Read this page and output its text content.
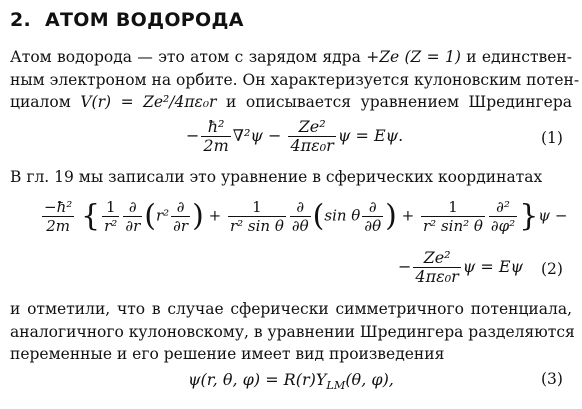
2. АТОМ ВОДОРОДА
Атом водорода — это атом с зарядом ядра +Ze (Z = 1) и единствен-
ным электроном на орбите. Он характеризуется кулоновским потен-
циалом V(r) = Ze²/4πε₀r и описывается уравнением Шредингера
− $\frac{\text{ħ²}}{2m} \nabla^2\psi - \frac{\text{Ze²}}{\text{4πε₀r}}$ ψ = Eψ.	(1)
В гл. 19 мы записали это уравнение в сферических координатах
$\frac{\text{−ħ²}}{2m}$ { $\frac{1}{\text{r²}} \frac{\partial}{\partial r} (r^2 \frac{\partial}{\partial r}$ ) + $\frac{1}{\text{r² sin θ}} \frac{\partial}{\partial\theta} (\sin$ θ $\frac{\partial}{\partial\theta}$ ) + $\frac{1}{\text{r² sin² θ}} \frac{\text{∂²}}{\text{∂φ²}} \}\psi$ −
− $\frac{\text{Ze²}}{\text{4πε₀r}}$ ψ = Eψ (2)
и отметили, что в случае сферически симметричного потенциала,
аналогичного кулоновскому, в уравнении Шредингера разделяются
переменные и его решение имеет вид произведения
ψ(r, θ, $\varphi) = R(r)Y_{LM}(\theta$, φ),	(3)
